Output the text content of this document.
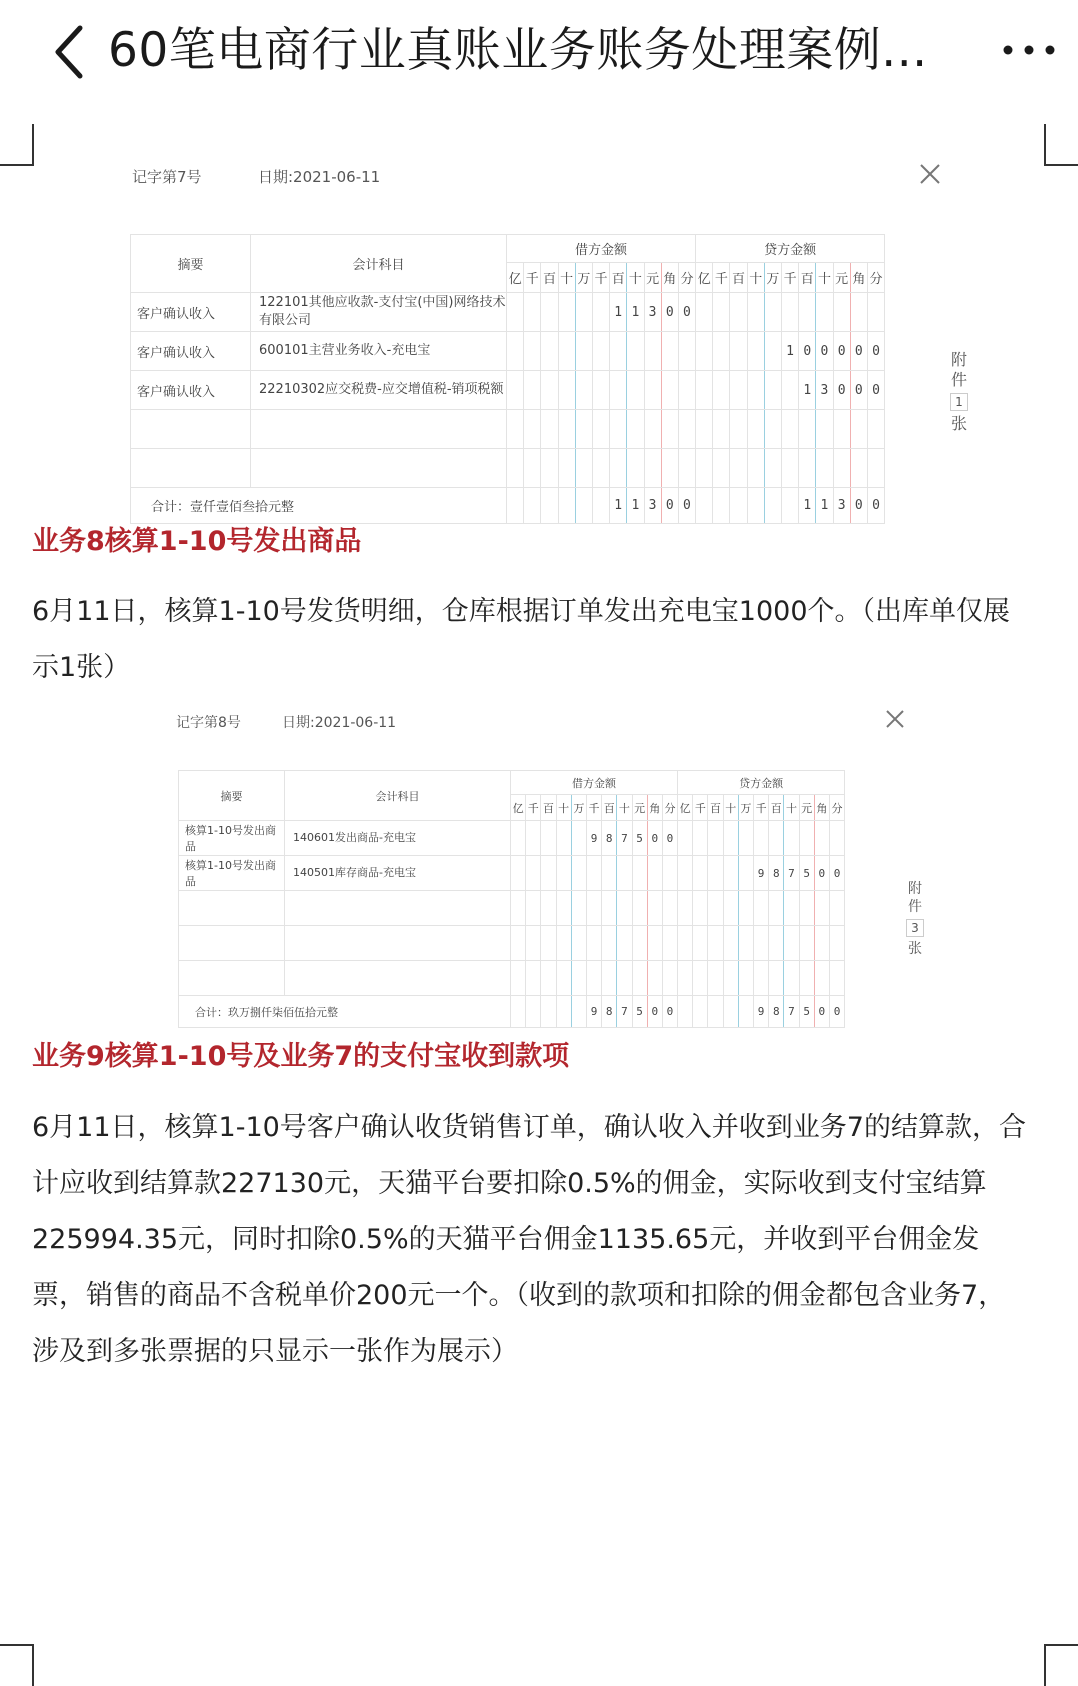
60笔电商行业真账业务账务处理案例...
记字第7号	日期:2021-06-11
摘要	会计科目	借方金额											贷方金额										
		亿	千	百	十	万	千	百	十	元	角	分	亿	千	百	十	万	千	百	十	元	角	分
客户确认收入	122101其他应收款-支付宝(中国)网络技术有限公司							1	1	3	0	0											
客户确认收入	600101主营业务收入-充电宝																	1	0	0	0	0	0
客户确认收入	22210302应交税费-应交增值税-销项税额																		1	3	0	0	0

合计：壹仟壹佰叁拾元整								1	1	3	0	0							1	1	3	0	0
附件
1
张
业务8核算1-10号发出商品
6月11日，核算1-10号发货明细，仓库根据订单发出充电宝1000个。（出库单仅展示1张）
记字第8号	日期:2021-06-11
摘要	会计科目	借方金额											贷方金额										
		亿	千	百	十	万	千	百	十	元	角	分	亿	千	百	十	万	千	百	十	元	角	分
核算1-10号发出商品	140601发出商品-充电宝						9	8	7	5	0	0											
核算1-10号发出商品	140501库存商品-充电宝																	9	8	7	5	0	0

合计：玖万捌仟柒佰伍拾元整							9	8	7	5	0	0						9	8	7	5	0	0
附件
3
张
业务9核算1-10号及业务7的支付宝收到款项
6月11日，核算1-10号客户确认收货销售订单，确认收入并收到业务7的结算款，合计应收到结算款227130元，天猫平台要扣除0.5%的佣金，实际收到支付宝结算225994.35元，同时扣除0.5%的天猫平台佣金1135.65元，并收到平台佣金发票，销售的商品不含税单价200元一个。（收到的款项和扣除的佣金都包含业务7，涉及到多张票据的只显示一张作为展示）
